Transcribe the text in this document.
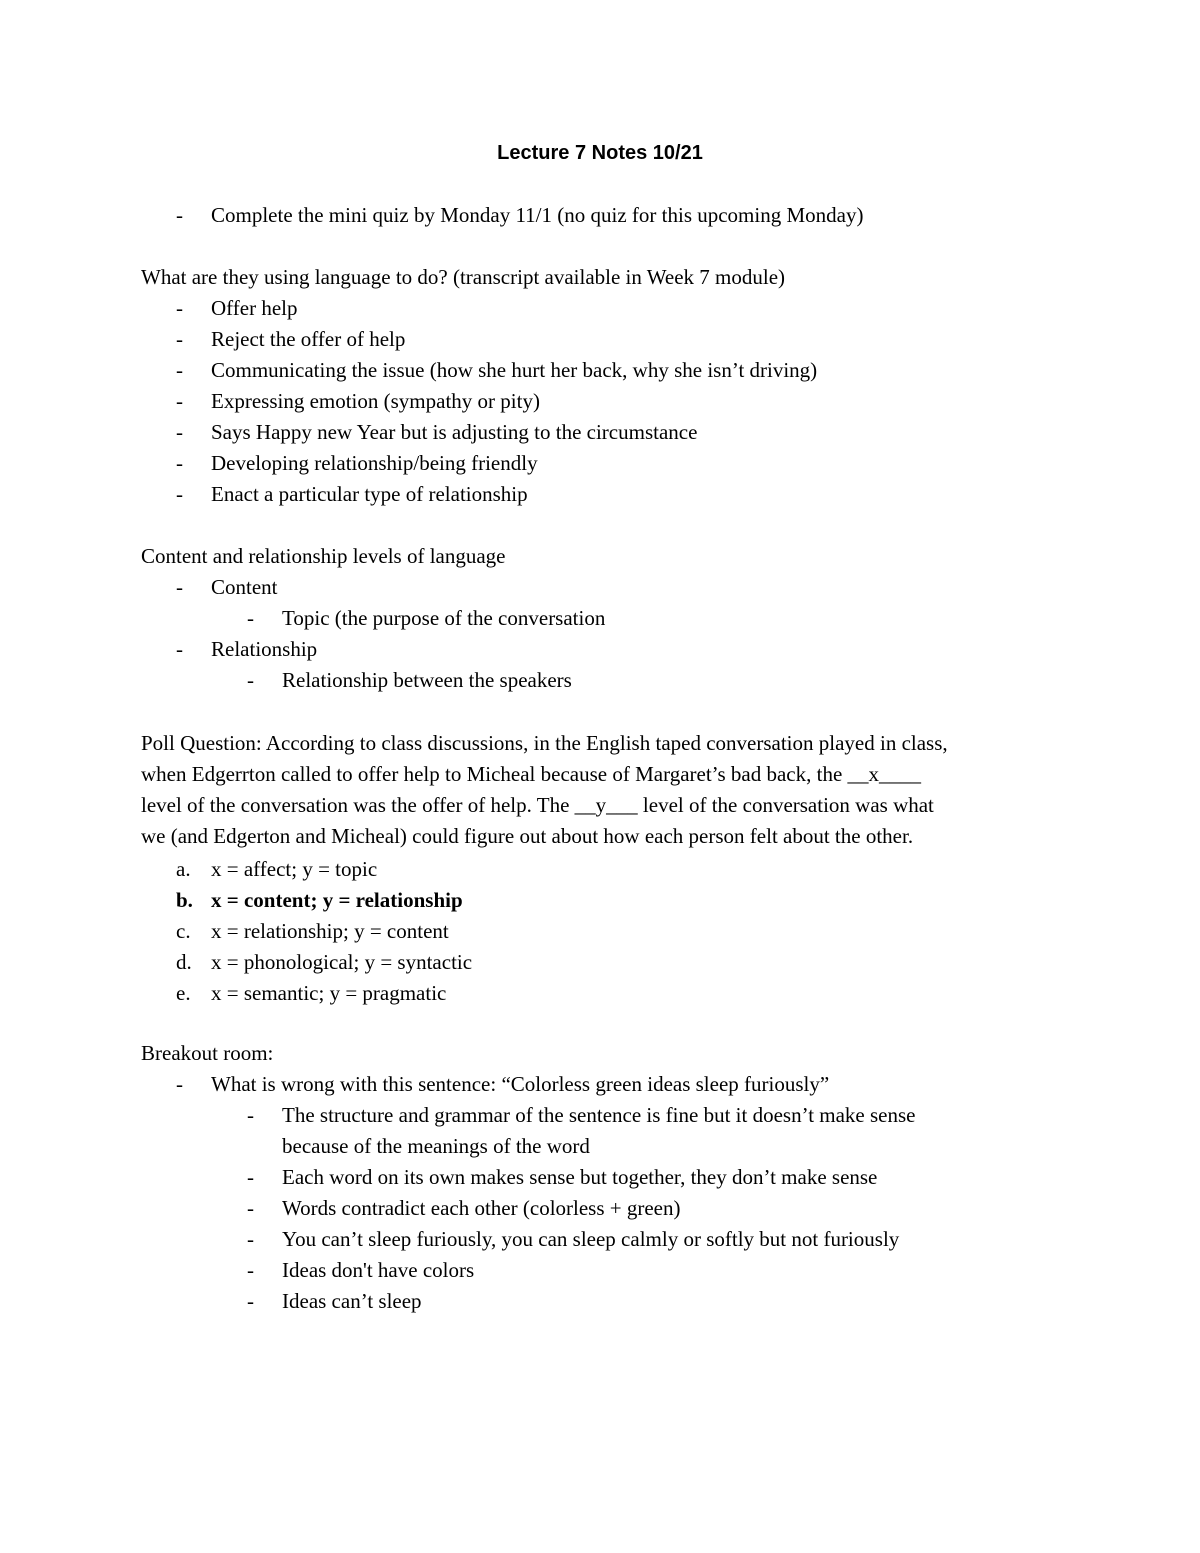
Lecture 7 Notes 10/21
-	Complete the mini quiz by Monday 11/1 (no quiz for this upcoming Monday)
What are they using language to do? (transcript available in Week 7 module)
-	Offer help
-	Reject the offer of help
-	Communicating the issue (how she hurt her back, why she isn’t driving)
-	Expressing emotion (sympathy or pity)
-	Says Happy new Year but is adjusting to the circumstance
-	Developing relationship/being friendly
-	Enact a particular type of relationship
Content and relationship levels of language
-	Content
-	Topic (the purpose of the conversation
-	Relationship
-	Relationship between the speakers
Poll Question: According to class discussions, in the English taped conversation played in class,
when Edgerrton called to offer help to Micheal because of Margaret’s bad back, the __x____
level of the conversation was the offer of help. The __y___ level of the conversation was what
we (and Edgerton and Micheal) could figure out about how each person felt about the other.
a. x = affect; y = topic
b. x = content; y = relationship
c. x = relationship; y = content
d. x = phonological; y = syntactic
e. x = semantic; y = pragmatic
Breakout room:
-	What is wrong with this sentence: “Colorless green ideas sleep furiously”
-	The structure and grammar of the sentence is fine but it doesn’t make sense
because of the meanings of the word
-	Each word on its own makes sense but together, they don’t make sense
-	Words contradict each other (colorless + green)
-	You can’t sleep furiously, you can sleep calmly or softly but not furiously
-	Ideas don't have colors
-	Ideas can’t sleep
